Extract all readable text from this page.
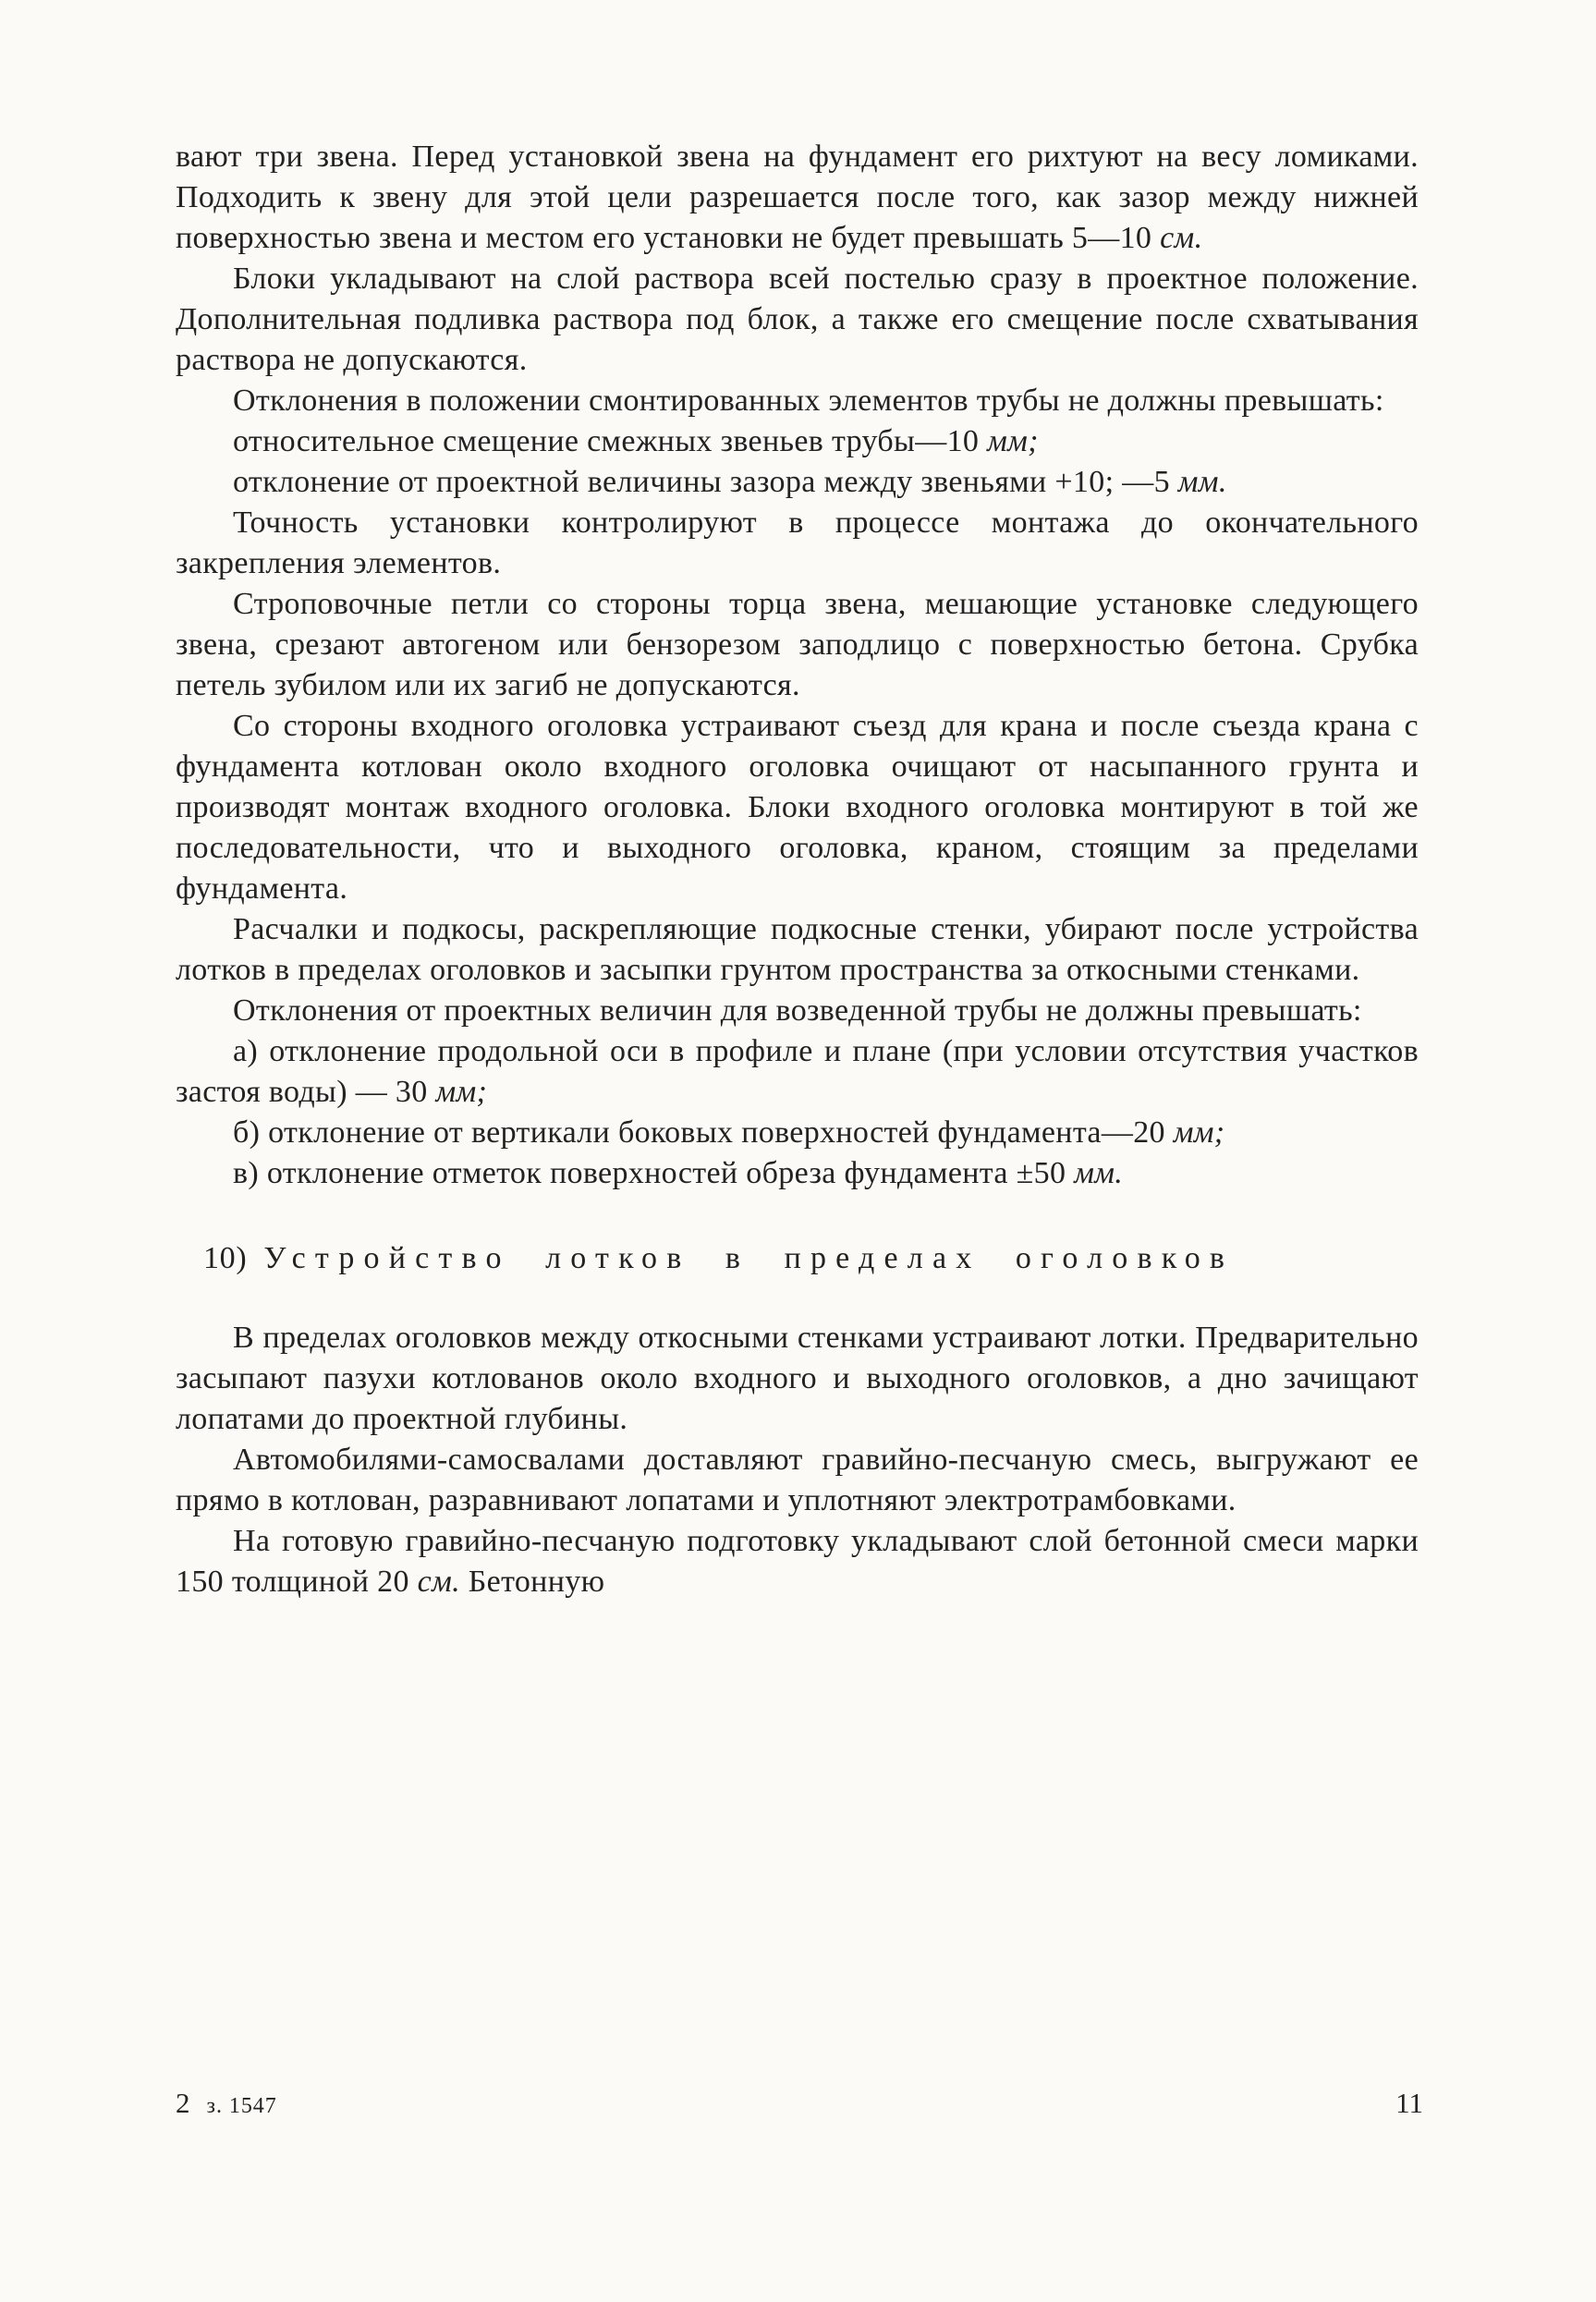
вают три звена. Перед установкой звена на фундамент его рихтуют на весу ломиками. Подходить к звену для этой цели разрешается после того, как зазор между нижней поверхностью звена и местом его установки не будет превышать 5—10 см.

Блоки укладывают на слой раствора всей постелью сразу в проектное положение. Дополнительная подливка раствора под блок, а также его смещение после схватывания раствора не допускаются.

Отклонения в положении смонтированных элементов трубы не должны превышать:

относительное смещение смежных звеньев трубы—10 мм;

отклонение от проектной величины зазора между звеньями +10; —5 мм.

Точность установки контролируют в процессе монтажа до окончательного закрепления элементов.

Строповочные петли со стороны торца звена, мешающие установке следующего звена, срезают автогеном или бензорезом заподлицо с поверхностью бетона. Срубка петель зубилом или их загиб не допускаются.

Со стороны входного оголовка устраивают съезд для крана и после съезда крана с фундамента котлован около входного оголовка очищают от насыпанного грунта и производят монтаж входного оголовка. Блоки входного оголовка монтируют в той же последовательности, что и выходного оголовка, краном, стоящим за пределами фундамента.

Расчалки и подкосы, раскрепляющие подкосные стенки, убирают после устройства лотков в пределах оголовков и засыпки грунтом пространства за откосными стенками.

Отклонения от проектных величин для возведенной трубы не должны превышать:

а) отклонение продольной оси в профиле и плане (при условии отсутствия участков застоя воды) — 30 мм;

б) отклонение от вертикали боковых поверхностей фундамента—20 мм;

в) отклонение отметок поверхностей обреза фундамента ±50 мм.

10) Устройство лотков в пределах оголовков

В пределах оголовков между откосными стенками устраивают лотки. Предварительно засыпают пазухи котлованов около входного и выходного оголовков, а дно зачищают лопатами до проектной глубины.

Автомобилями-самосвалами доставляют гравийно-песчаную смесь, выгружают ее прямо в котлован, разравнивают лопатами и уплотняют электротрамбовками.

На готовую гравийно-песчаную подготовку укладывают слой бетонной смеси марки 150 толщиной 20 см. Бетонную

2 з. 1547	11
